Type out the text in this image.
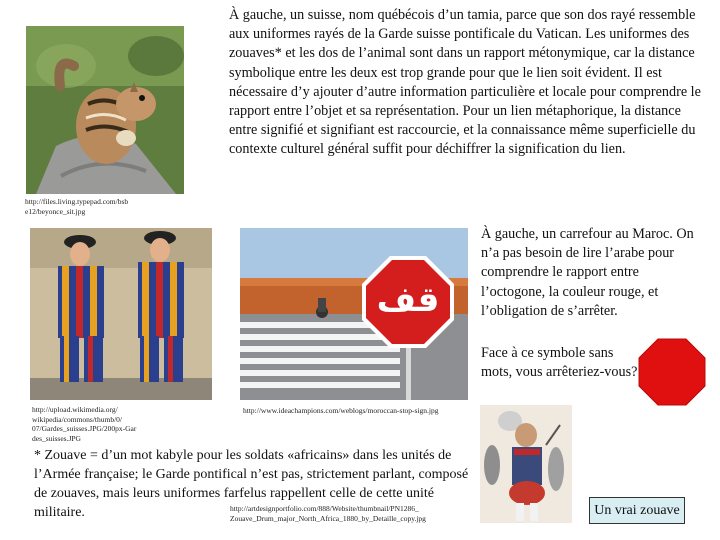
http://files.living.typepad.com/bsb e12/beyonce_sit.jpg
À gauche, un suisse, nom québécois d’un tamia, parce que son dos rayé ressemble aux uniformes rayés de la Garde suisse pontificale du Vatican. Les uniformes des zouaves* et les dos de l’animal sont dans un rapport métonymique, car la distance symbolique entre les deux est trop grande pour que le lien soit évident. Il est nécessaire d’y ajouter d’autre information particulière et locale pour comprendre le rapport entre l’objet et sa représentation. Pour un lien métaphorique, la distance entre signifié et signifiant est raccourcie, et la connaissance même superficielle du contexte culturel général suffit pour déchiffrer la signification du lien.
http://upload.wikimedia.org/ wikipedia/commons/thumb/0/ 07/Gardes_suisses.JPG/200px-Gar des_suisses.JPG
قف
http://www.ideachampions.com/weblogs/moroccan-stop-sign.jpg
À gauche, un carrefour au Maroc. On n’a pas besoin de lire l’arabe pour comprendre le rapport entre l’octogone, la couleur rouge, et l’obligation de s’arrêter.
Face à ce symbole sans mots, vous arrêteriez-vous?
* Zouave = d’un mot kabyle pour les soldats «africains» dans les unités de l’Armée française; le Garde pontifical n’est pas, strictement parlant, composé de zouaves, mais leurs uniformes farfelus rappellent celle de cette unité militaire.	http://artdesignportfolio.com/888/Website/thumbnail/PN1286_ Zouave_Drum_major_North_Africa_1880_by_Detaille_copy.jpg	Un vrai zouave
